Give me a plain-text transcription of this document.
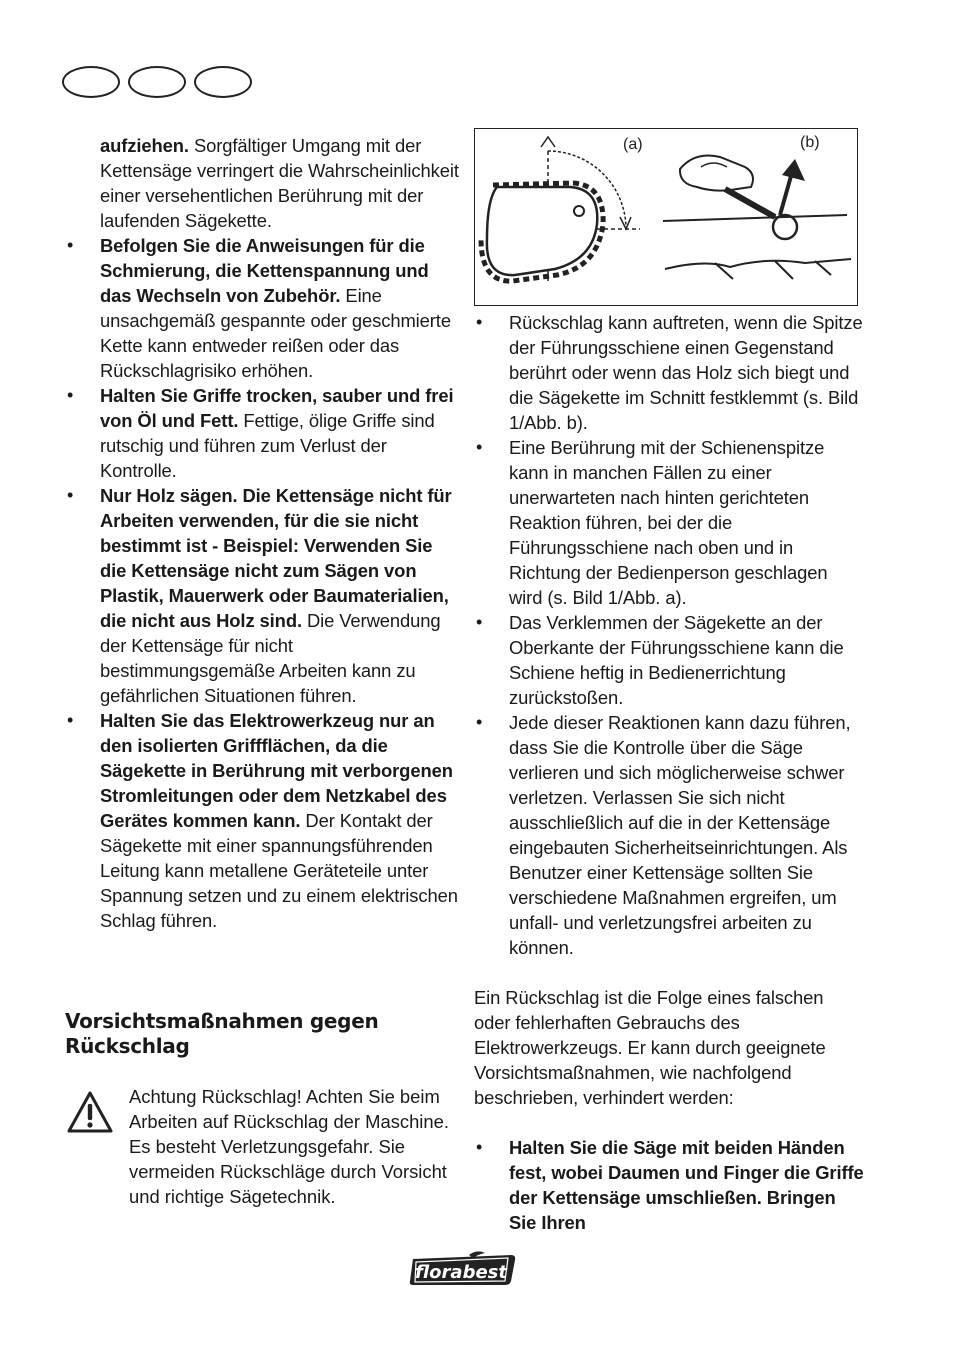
aufziehen. Sorgfältiger Umgang mit der Kettensäge verringert die Wahrscheinlichkeit einer versehentlichen Berührung mit der laufenden Sägekette.

• Befolgen Sie die Anweisungen für die Schmierung, die Kettenspannung und das Wechseln von Zubehör. Eine unsachgemäß gespannte oder geschmierte Kette kann entweder reißen oder das Rückschlagrisiko erhöhen.
• Halten Sie Griffe trocken, sauber und frei von Öl und Fett. Fettige, ölige Griffe sind rutschig und führen zum Verlust der Kontrolle.
• Nur Holz sägen. Die Kettensäge nicht für Arbeiten verwenden, für die sie nicht bestimmt ist - Beispiel: Verwenden Sie die Kettensäge nicht zum Sägen von Plastik, Mauerwerk oder Baumaterialien, die nicht aus Holz sind. Die Verwendung der Kettensäge für nicht bestimmungsgemäße Arbeiten kann zu gefährlichen Situationen führen.
• Halten Sie das Elektrowerkzeug nur an den isolierten Griffflächen, da die Sägekette in Berührung mit verborgenen Stromleitungen oder dem Netzkabel des Gerätes kommen kann. Der Kontakt der Sägekette mit einer spannungsführenden Leitung kann metallene Geräteteile unter Spannung setzen und zu einem elektrischen Schlag führen.
Vorsichtsmaßnahmen gegen Rückschlag
Achtung Rückschlag! Achten Sie beim Arbeiten auf Rückschlag der Maschine. Es besteht Verletzungsgefahr. Sie vermeiden Rückschläge durch Vorsicht und richtige Sägetechnik.
(a)	(b)
• Rückschlag kann auftreten, wenn die Spitze der Führungsschiene einen Gegenstand berührt oder wenn das Holz sich biegt und die Sägekette im Schnitt festklemmt (s. Bild 1/Abb. b).
• Eine Berührung mit der Schienenspitze kann in manchen Fällen zu einer unerwarteten nach hinten gerichteten Reaktion führen, bei der die Führungsschiene nach oben und in Richtung der Bedienperson geschlagen wird (s. Bild 1/Abb. a).
• Das Verklemmen der Sägekette an der Oberkante der Führungsschiene kann die Schiene heftig in Bedienerrichtung zurückstoßen.
• Jede dieser Reaktionen kann dazu führen, dass Sie die Kontrolle über die Säge verlieren und sich möglicherweise schwer verletzen. Verlassen Sie sich nicht ausschließlich auf die in der Kettensäge eingebauten Sicherheitseinrichtungen. Als Benutzer einer Kettensäge sollten Sie verschiedene Maßnahmen ergreifen, um unfall- und verletzungsfrei arbeiten zu können.

Ein Rückschlag ist die Folge eines falschen oder fehlerhaften Gebrauchs des Elektrowerkzeugs. Er kann durch geeignete Vorsichtsmaßnahmen, wie nachfolgend beschrieben, verhindert werden:

• Halten Sie die Säge mit beiden Händen fest, wobei Daumen und Finger die Griffe der Kettensäge umschließen. Bringen Sie Ihren
florabest
